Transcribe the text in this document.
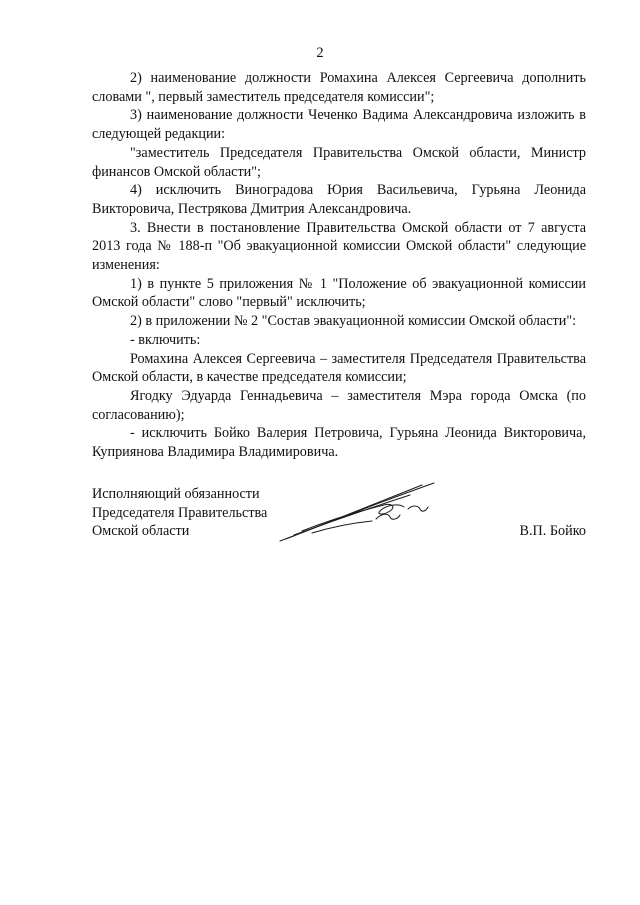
2

2) наименование должности Ромахина Алексея Сергеевича дополнить словами ", первый заместитель председателя комиссии";

3) наименование должности Чеченко Вадима Александровича изложить в следующей редакции:

"заместитель Председателя Правительства Омской области, Министр финансов Омской области";

4) исключить Виноградова Юрия Васильевича, Гурьяна Леонида Викторовича, Пестрякова Дмитрия Александровича.

3. Внести в постановление Правительства Омской области от 7 августа 2013 года № 188-п "Об эвакуационной комиссии Омской области" следующие изменения:

1) в пункте 5 приложения № 1 "Положение об эвакуационной комиссии Омской области" слово "первый" исключить;

2) в приложении № 2 "Состав эвакуационной комиссии Омской области":

- включить:

Ромахина Алексея Сергеевича – заместителя Председателя Правительства Омской области, в качестве председателя комиссии;

Ягодку Эдуарда Геннадьевича – заместителя Мэра города Омска (по согласованию);

- исключить Бойко Валерия Петровича, Гурьяна Леонида Викторовича, Куприянова Владимира Владимировича.

Исполняющий обязанности
Председателя Правительства
Омской области	В.П. Бойко
